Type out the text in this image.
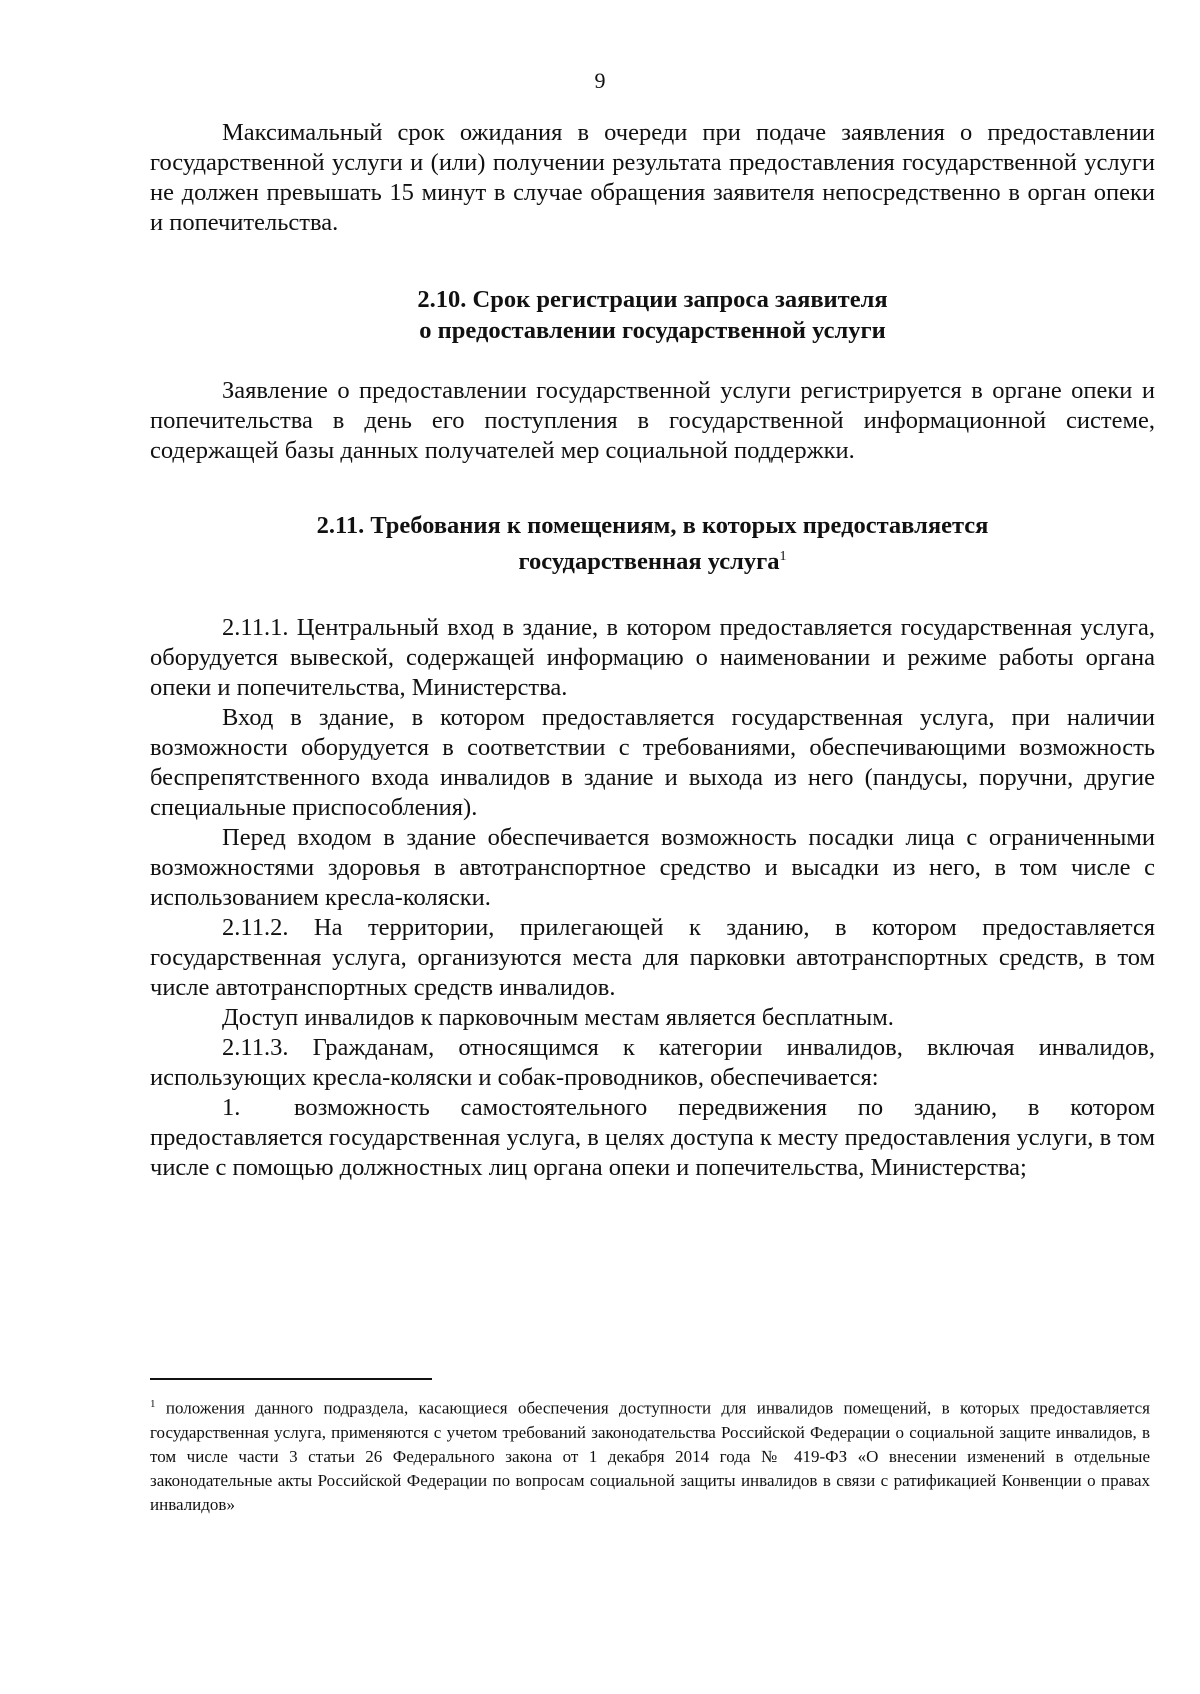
9

Максимальный срок ожидания в очереди при подаче заявления о предоставлении государственной услуги и (или) получении результата предоставления государственной услуги не должен превышать 15 минут в случае обращения заявителя непосредственно в орган опеки и попечительства.

2.10. Срок регистрации запроса заявителя

о предоставлении государственной услуги

Заявление о предоставлении государственной услуги регистрируется в органе опеки и попечительства в день его поступления в государственной информационной системе, содержащей базы данных получателей мер социальной поддержки.

2.11. Требования к помещениям, в которых предоставляется

государственная услуга$^1$

2.11.1. Центральный вход в здание, в котором предоставляется государственная услуга, оборудуется вывеской, содержащей информацию о наименовании и режиме работы органа опеки и попечительства, Министерства.

Вход в здание, в котором предоставляется государственная услуга, при наличии возможности оборудуется в соответствии с требованиями, обеспечивающими возможность беспрепятственного входа инвалидов в здание и выхода из него (пандусы, поручни, другие специальные приспособления).

Перед входом в здание обеспечивается возможность посадки лица с ограниченными возможностями здоровья в автотранспортное средство и высадки из него, в том числе с использованием кресла-коляски.

2.11.2. На территории, прилегающей к зданию, в котором предоставляется государственная услуга, организуются места для парковки автотранспортных средств, в том числе автотранспортных средств инвалидов.

Доступ инвалидов к парковочным местам является бесплатным.

2.11.3. Гражданам, относящимся к категории инвалидов, включая инвалидов, использующих кресла-коляски и собак-проводников, обеспечивается:

1. возможность самостоятельного передвижения по зданию, в котором предоставляется государственная услуга, в целях доступа к месту предоставления услуги, в том числе с помощью должностных лиц органа опеки и попечительства, Министерства;

$^1$ положения данного подраздела, касающиеся обеспечения доступности для инвалидов помещений, в которых предоставляется государственная услуга, применяются с учетом требований законодательства Российской Федерации о социальной защите инвалидов, в том числе части 3 статьи 26 Федерального закона от 1 декабря 2014 года № 419-ФЗ «О внесении изменений в отдельные законодательные акты Российской Федерации по вопросам социальной защиты инвалидов в связи с ратификацией Конвенции о правах инвалидов»
